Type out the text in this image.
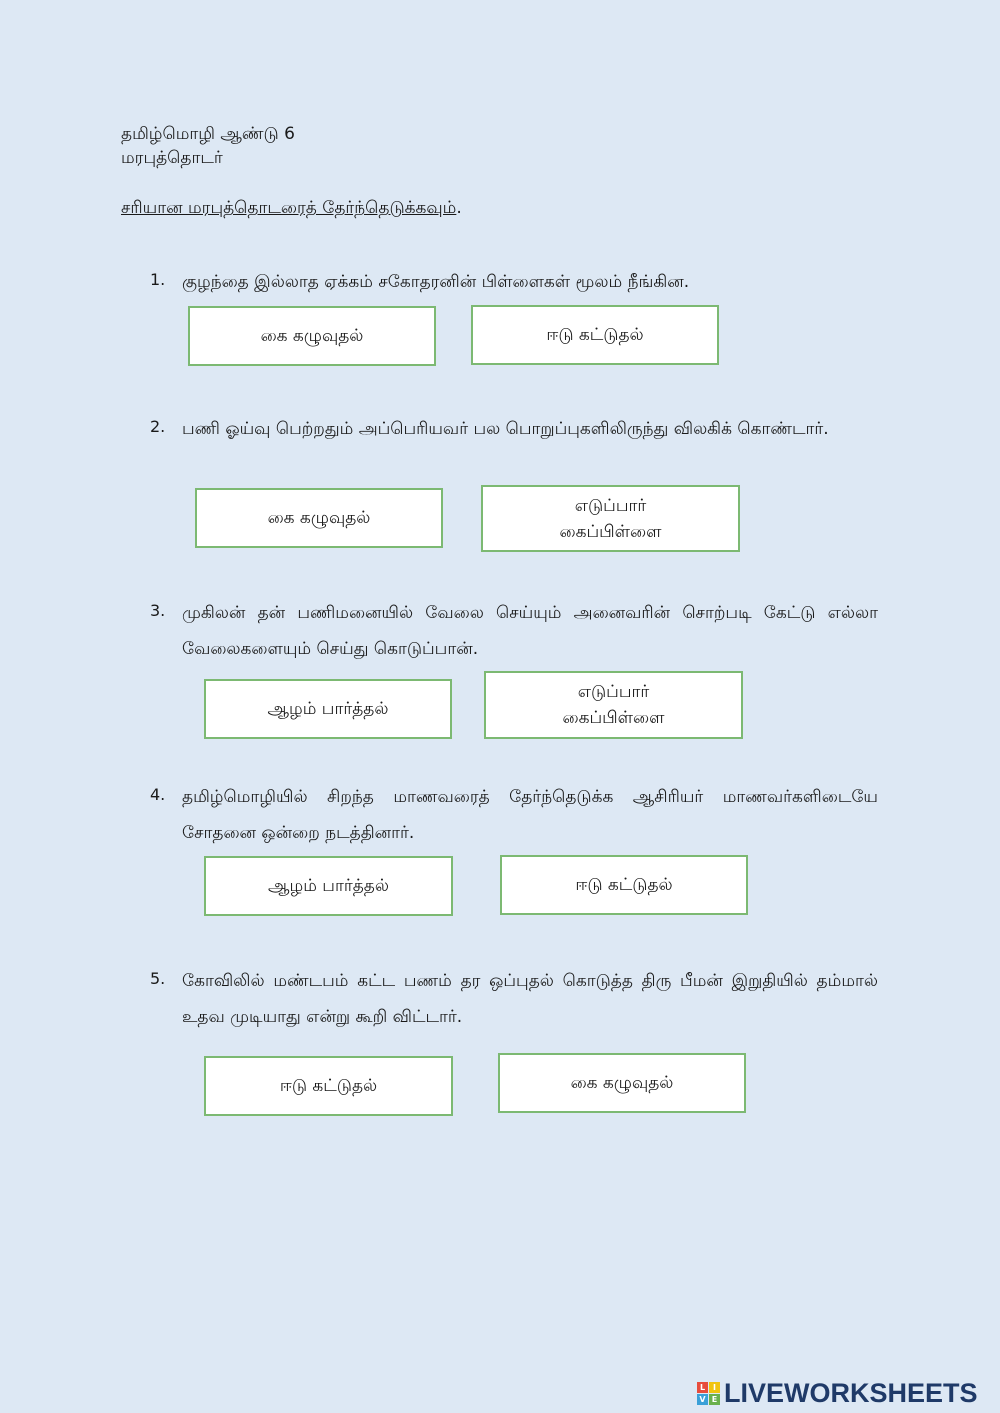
தமிழ்மொழி ஆண்டு 6
மரபுத்தொடர்
சரியான மரபுத்தொடரைத் தேர்ந்தெடுக்கவும்.
1. குழந்தை இல்லாத ஏக்கம் சகோதரனின் பிள்ளைகள் மூலம் நீங்கின.
கை கழுவுதல்	ஈடு கட்டுதல்
2. பணி ஓய்வு பெற்றதும் அப்பெரியவர் பல பொறுப்புகளிலிருந்து விலகிக் கொண்டார்.
கை கழுவுதல்
எடுப்பார் கைப்பிள்ளை
3. முகிலன் தன் பணிமனையில் வேலை செய்யும் அனைவரின் சொற்படி கேட்டு எல்லா வேலைகளையும் செய்து கொடுப்பான்.
ஆழம் பார்த்தல்
எடுப்பார் கைப்பிள்ளை
4. தமிழ்மொழியில் சிறந்த மாணவரைத் தேர்ந்தெடுக்க ஆசிரியர் மாணவர்களிடையே சோதனை ஒன்றை நடத்தினார்.
ஆழம் பார்த்தல்	ஈடு கட்டுதல்
5. கோவிலில் மண்டபம் கட்ட பணம் தர ஒப்புதல் கொடுத்த திரு பீமன் இறுதியில் தம்மால் உதவ முடியாது என்று கூறி விட்டார்.
ஈடு கட்டுதல்	கை கழுவுதல்
L I
V E LIVEWORKSHEETS
